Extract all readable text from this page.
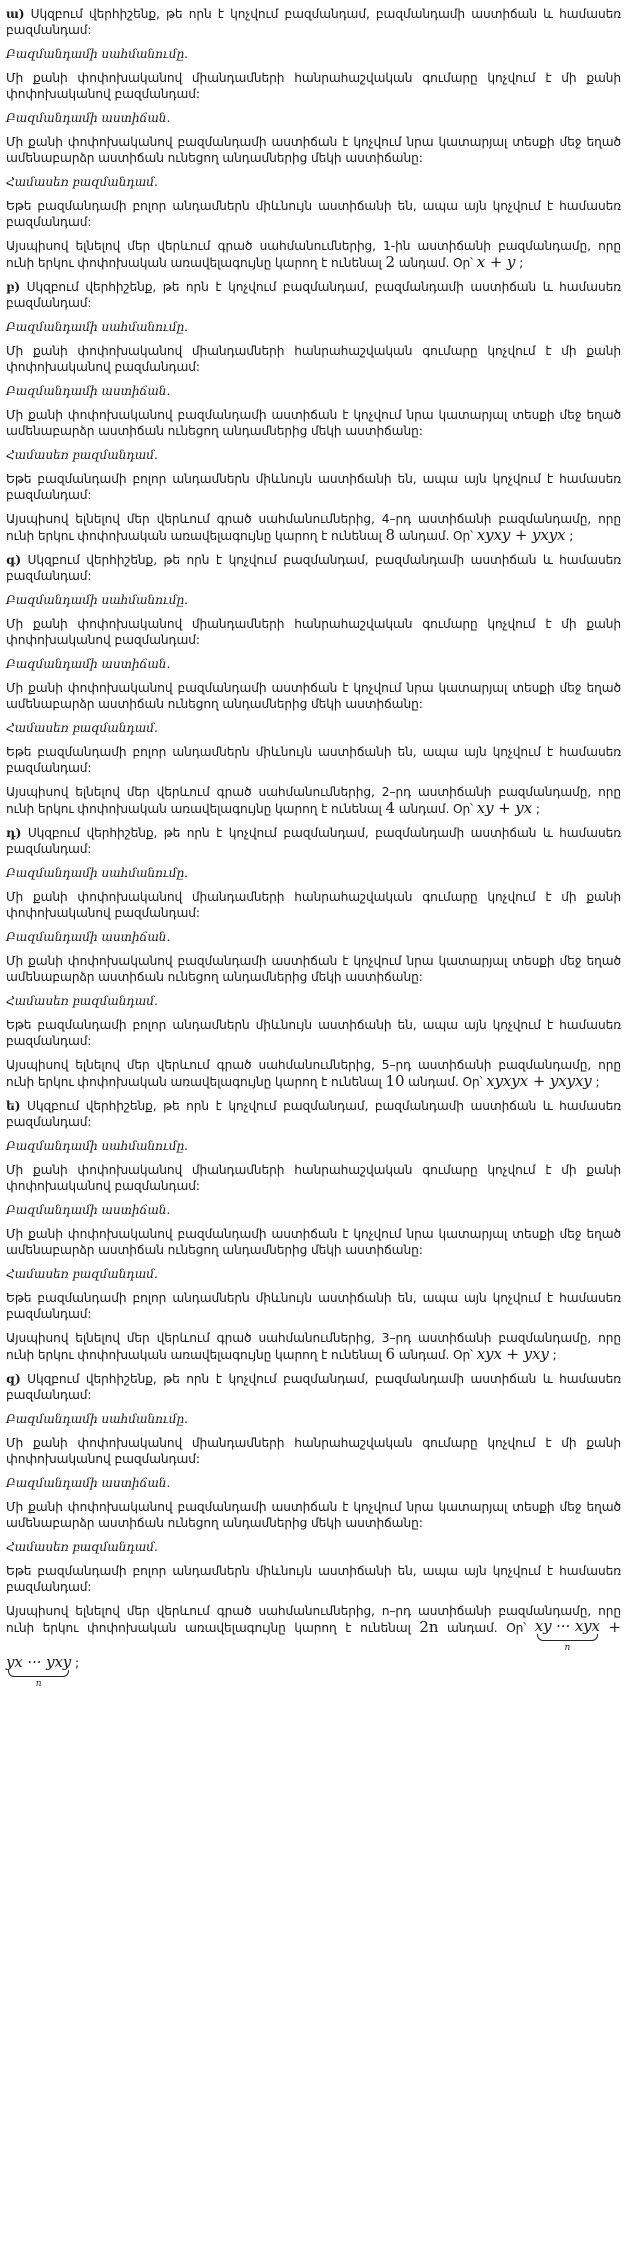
ա) Սկզբում վերհիշենք, թե որն է կոչվում բազմանդամ, բազմանդամի աստիճան և համասեռ բազմանդամ:

Բազմանդամի սահմանումը.

Մի քանի փոփոխականով միանդամների հանրահաշվական գումարը կոչվում է մի քանի փոփոխականով բազմանդամ:

Բազմանդամի աստիճան.

Մի քանի փոփոխականով բազմանդամի աստիճան է կոչվում նրա կատարյալ տեսքի մեջ եղած ամենաբարձր աստիճան ունեցող անդամներից մեկի աստիճանը:

Համասեռ բազմանդամ.

Եթե բազմանդամի բոլոր անդամներն միևնույն աստիճանի են, ապա այն կոչվում է համասեռ բազմանդամ:

Այսպիսով ելնելով մեր վերևում գրած սահմանումներից, 1-ին աստիճանի բազմանդամը, որը ունի երկու փոփոխական առավելագույնը կարող է ունենալ 2 անդամ. Օր՝ x + y ;

բ) Սկզբում վերհիշենք, թե որն է կոչվում բազմանդամ, բազմանդամի աստիճան և համասեռ բազմանդամ:

Բազմանդամի սահմանումը.

Մի քանի փոփոխականով միանդամների հանրահաշվական գումարը կոչվում է մի քանի փոփոխականով բազմանդամ:

Բազմանդամի աստիճան.

Մի քանի փոփոխականով բազմանդամի աստիճան է կոչվում նրա կատարյալ տեսքի մեջ եղած ամենաբարձր աստիճան ունեցող անդամներից մեկի աստիճանը:

Համասեռ բազմանդամ.

Եթե բազմանդամի բոլոր անդամներն միևնույն աստիճանի են, ապա այն կոչվում է համասեռ բազմանդամ:

Այսպիսով ելնելով մեր վերևում գրած սահմանումներից, 4–րդ աստիճանի բազմանդամը, որը ունի երկու փոփոխական առավելագույնը կարող է ունենալ 8 անդամ. Օր՝ xyxy + yxyx ;

գ) Սկզբում վերհիշենք, թե որն է կոչվում բազմանդամ, բազմանդամի աստիճան և համասեռ բազմանդամ:

Բազմանդամի սահմանումը.

Մի քանի փոփոխականով միանդամների հանրահաշվական գումարը կոչվում է մի քանի փոփոխականով բազմանդամ:

Բազմանդամի աստիճան.

Մի քանի փոփոխականով բազմանդամի աստիճան է կոչվում նրա կատարյալ տեսքի մեջ եղած ամենաբարձր աստիճան ունեցող անդամներից մեկի աստիճանը:

Համասեռ բազմանդամ.

Եթե բազմանդամի բոլոր անդամներն միևնույն աստիճանի են, ապա այն կոչվում է համասեռ բազմանդամ:

Այսպիսով ելնելով մեր վերևում գրած սահմանումներից, 2–րդ աստիճանի բազմանդամը, որը ունի երկու փոփոխական առավելագույնը կարող է ունենալ 4 անդամ. Օր՝ xy + yx ;

դ) Սկզբում վերհիշենք, թե որն է կոչվում բազմանդամ, բազմանդամի աստիճան և համասեռ բազմանդամ:

Բազմանդամի սահմանումը.

Մի քանի փոփոխականով միանդամների հանրահաշվական գումարը կոչվում է մի քանի փոփոխականով բազմանդամ:

Բազմանդամի աստիճան.

Մի քանի փոփոխականով բազմանդամի աստիճան է կոչվում նրա կատարյալ տեսքի մեջ եղած ամենաբարձր աստիճան ունեցող անդամներից մեկի աստիճանը:

Համասեռ բազմանդամ.

Եթե բազմանդամի բոլոր անդամներն միևնույն աստիճանի են, ապա այն կոչվում է համասեռ բազմանդամ:

Այսպիսով ելնելով մեր վերևում գրած սահմանումներից, 5–րդ աստիճանի բազմանդամը, որը ունի երկու փոփոխական առավելագույնը կարող է ունենալ 10 անդամ. Օր՝ xyxyx + yxyxy ;

ե) Սկզբում վերհիշենք, թե որն է կոչվում բազմանդամ, բազմանդամի աստիճան և համասեռ բազմանդամ:

Բազմանդամի սահմանումը.

Մի քանի փոփոխականով միանդամների հանրահաշվական գումարը կոչվում է մի քանի փոփոխականով բազմանդամ:

Բազմանդամի աստիճան.

Մի քանի փոփոխականով բազմանդամի աստիճան է կոչվում նրա կատարյալ տեսքի մեջ եղած ամենաբարձր աստիճան ունեցող անդամներից մեկի աստիճանը:

Համասեռ բազմանդամ.

Եթե բազմանդամի բոլոր անդամներն միևնույն աստիճանի են, ապա այն կոչվում է համասեռ բազմանդամ:

Այսպիսով ելնելով մեր վերևում գրած սահմանումներից, 3–րդ աստիճանի բազմանդամը, որը ունի երկու փոփոխական առավելագույնը կարող է ունենալ 6 անդամ. Օր՝ xyx + yxy ;

զ) Սկզբում վերհիշենք, թե որն է կոչվում բազմանդամ, բազմանդամի աստիճան և համասեռ բազմանդամ:

Բազմանդամի սահմանումը.

Մի քանի փոփոխականով միանդամների հանրահաշվական գումարը կոչվում է մի քանի փոփոխականով բազմանդամ:

Բազմանդամի աստիճան.

Մի քանի փոփոխականով բազմանդամի աստիճան է կոչվում նրա կատարյալ տեսքի մեջ եղած ամենաբարձր աստիճան ունեցող անդամներից մեկի աստիճանը:

Համասեռ բազմանդամ.

Եթե բազմանդամի բոլոր անդամներն միևնույն աստիճանի են, ապա այն կոչվում է համասեռ բազմանդամ:

Այսպիսով ելնելով մեր վերևում գրած սահմանումներից, n–րդ աստիճանի բազմանդամը, որը ունի երկու փոփոխական առավելագույնը կարող է ունենալ 2n անդամ. Օր՝ xy ··· xyx
n
+
yx ··· yxy
n
;
